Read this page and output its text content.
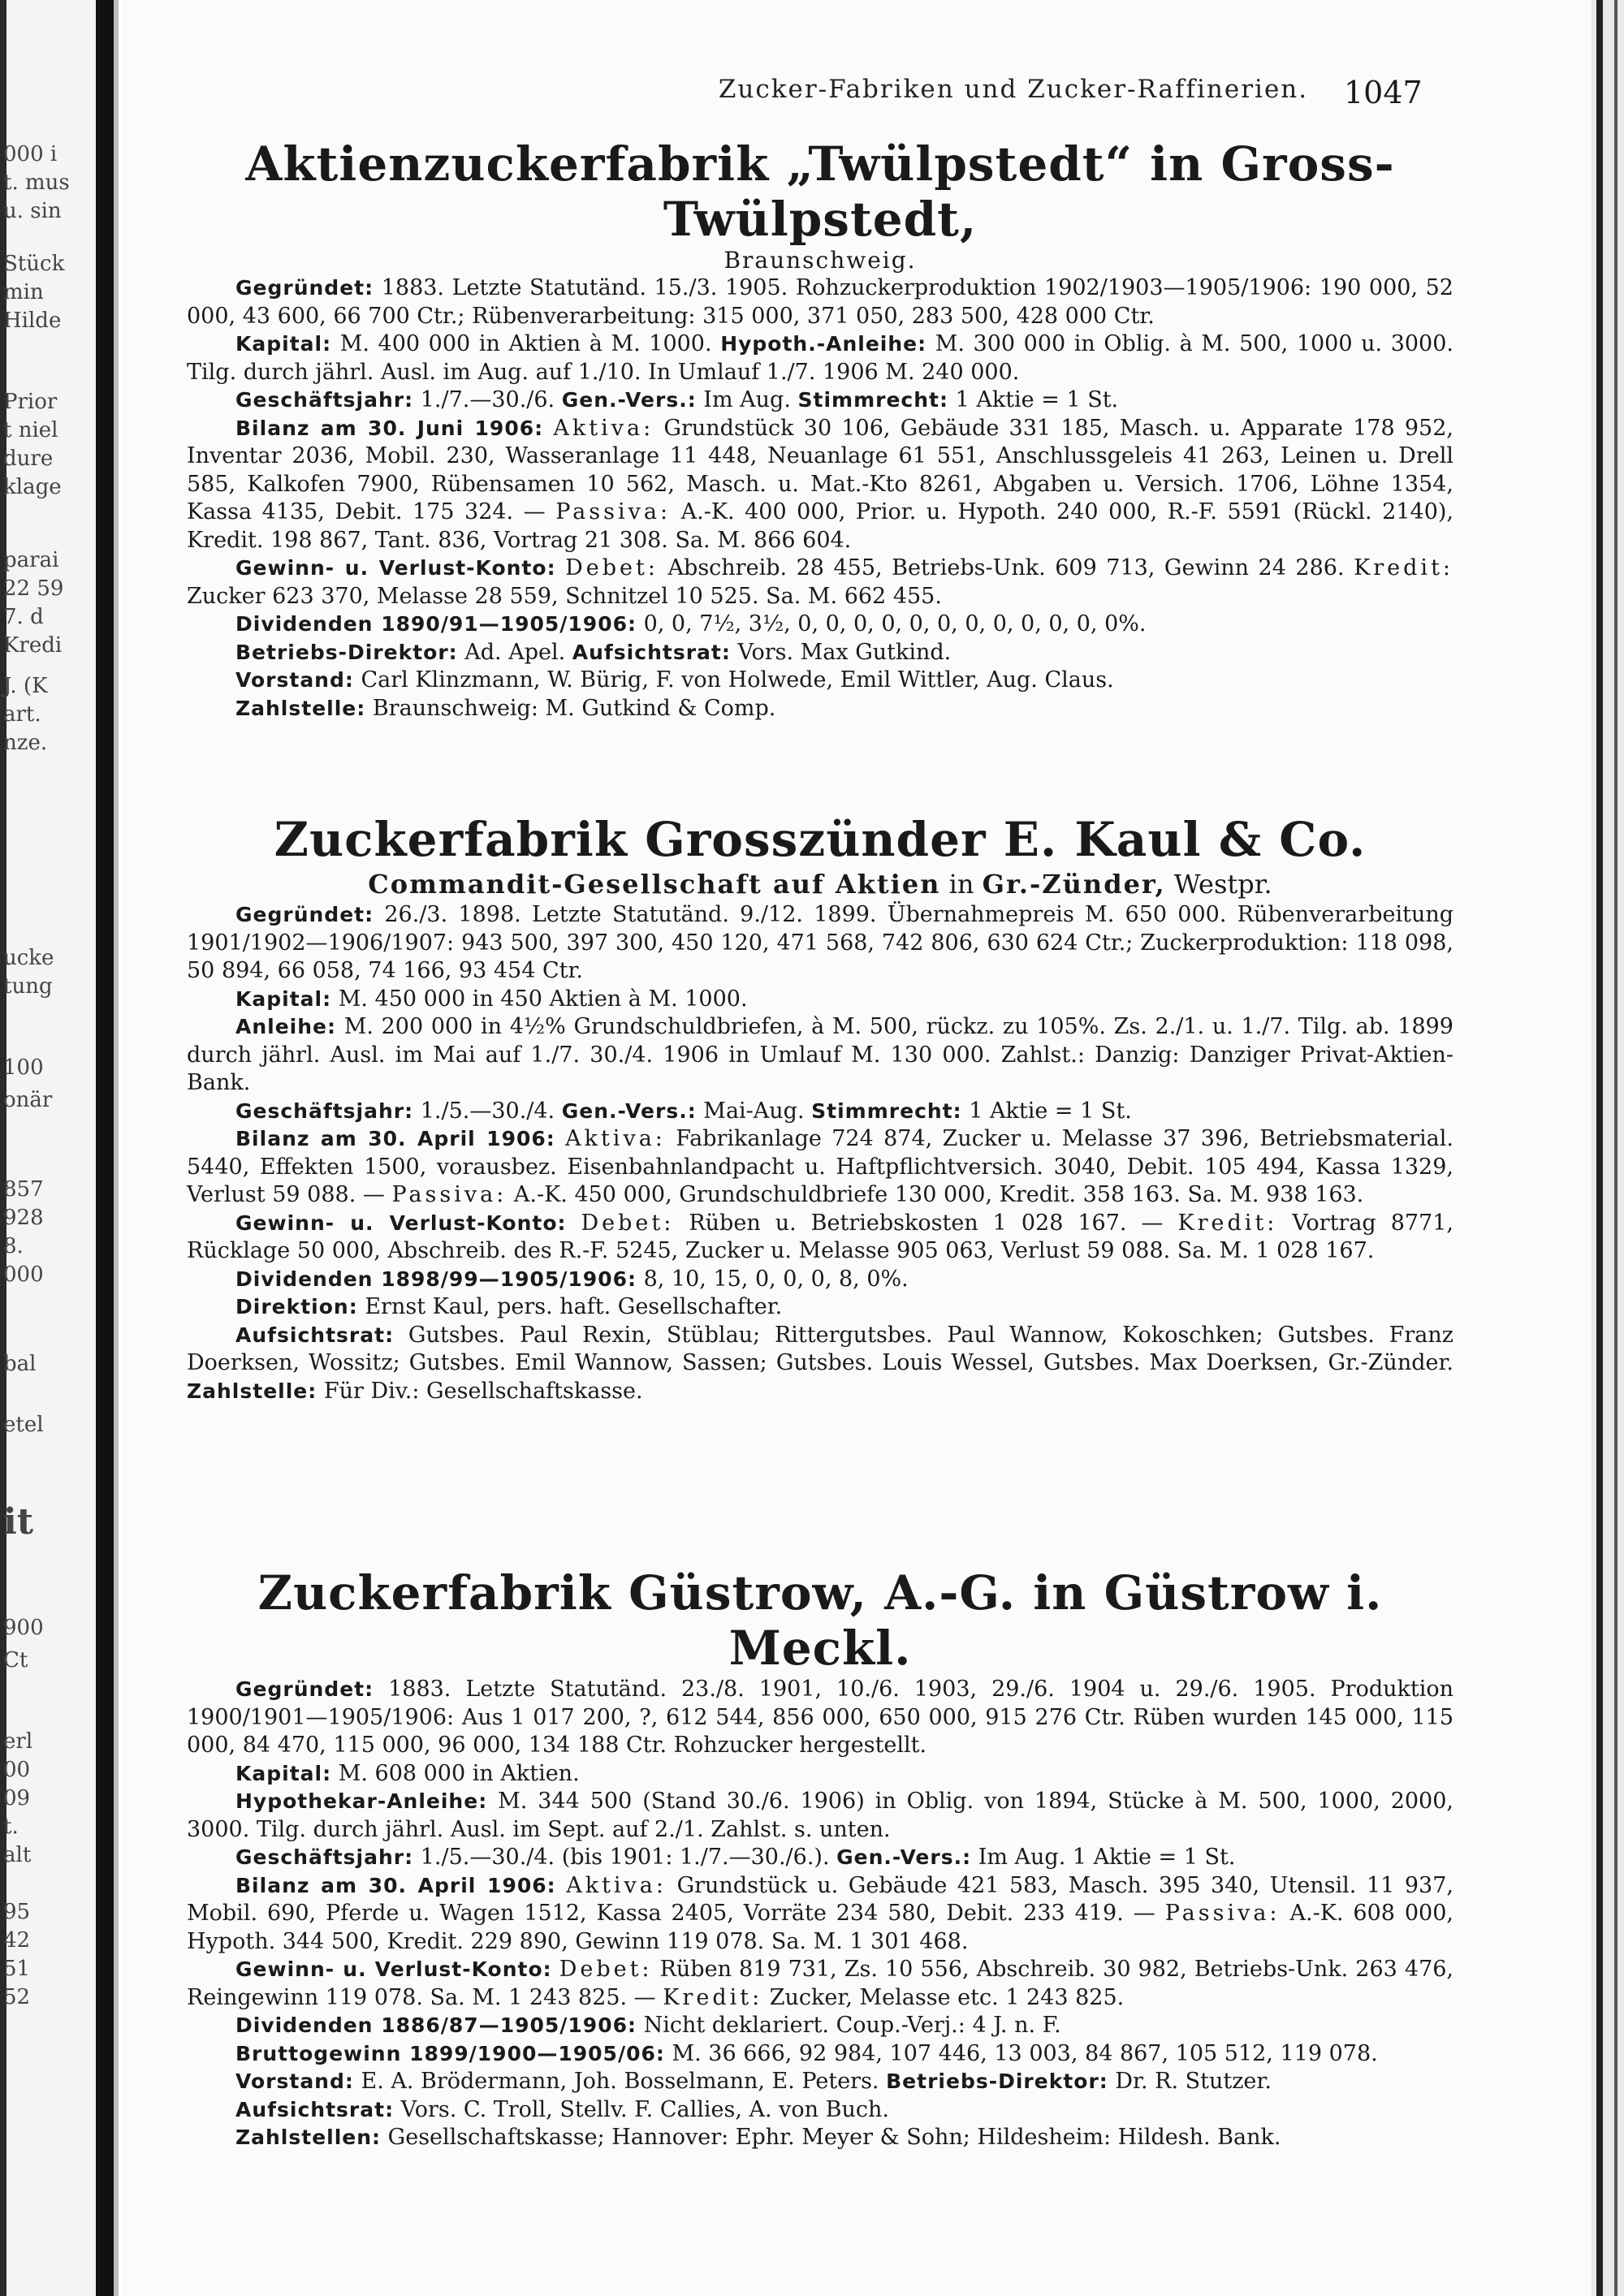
000 i
t. mus
u. sin
Stück
min
Hilde
Prior
t niel
dure
klage
parai
22 59
7. d
Kredi
J. (K
art.
nze.
ucke
tung
100
onär
857
928
8.
000
bal
etel
it
900
Ct
erl
00
09
t.
alt
95
42
51
52
Zucker-Fabriken und Zucker-Raffinerien.	1047
Aktienzuckerfabrik „Twülpstedt“ in Gross-Twülpstedt,

Braunschweig.

Gegründet: 1883. Letzte Statutänd. 15./3. 1905. Rohzuckerproduktion 1902/1903—1905/1906: 190 000, 52 000, 43 600, 66 700 Ctr.; Rübenverarbeitung: 315 000, 371 050, 283 500, 428 000 Ctr.

Kapital: M. 400 000 in Aktien à M. 1000. Hypoth.-Anleihe: M. 300 000 in Oblig. à M. 500, 1000 u. 3000. Tilg. durch jährl. Ausl. im Aug. auf 1./10. In Umlauf 1./7. 1906 M. 240 000.

Geschäftsjahr: 1./7.—30./6. Gen.-Vers.: Im Aug. Stimmrecht: 1 Aktie = 1 St.

Bilanz am 30. Juni 1906: Aktiva: Grundstück 30 106, Gebäude 331 185, Masch. u. Apparate 178 952, Inventar 2036, Mobil. 230, Wasseranlage 11 448, Neuanlage 61 551, Anschlussgeleis 41 263, Leinen u. Drell 585, Kalkofen 7900, Rübensamen 10 562, Masch. u. Mat.-Kto 8261, Abgaben u. Versich. 1706, Löhne 1354, Kassa 4135, Debit. 175 324. — Passiva: A.-K. 400 000, Prior. u. Hypoth. 240 000, R.-F. 5591 (Rückl. 2140), Kredit. 198 867, Tant. 836, Vortrag 21 308. Sa. M. 866 604.

Gewinn- u. Verlust-Konto: Debet: Abschreib. 28 455, Betriebs-Unk. 609 713, Gewinn 24 286. Kredit: Zucker 623 370, Melasse 28 559, Schnitzel 10 525. Sa. M. 662 455.

Dividenden 1890/91—1905/1906: 0, 0, 7½, 3½, 0, 0, 0, 0, 0, 0, 0, 0, 0, 0, 0, 0%.

Betriebs-Direktor: Ad. Apel. Aufsichtsrat: Vors. Max Gutkind.

Vorstand: Carl Klinzmann, W. Bürig, F. von Holwede, Emil Wittler, Aug. Claus.

Zahlstelle: Braunschweig: M. Gutkind & Comp.

Zuckerfabrik Grosszünder E. Kaul & Co.

Commandit-Gesellschaft auf Aktien in Gr.-Zünder, Westpr.

Gegründet: 26./3. 1898. Letzte Statutänd. 9./12. 1899. Übernahmepreis M. 650 000. Rübenverarbeitung 1901/1902—1906/1907: 943 500, 397 300, 450 120, 471 568, 742 806, 630 624 Ctr.; Zuckerproduktion: 118 098, 50 894, 66 058, 74 166, 93 454 Ctr.

Kapital: M. 450 000 in 450 Aktien à M. 1000.

Anleihe: M. 200 000 in 4½% Grundschuldbriefen, à M. 500, rückz. zu 105%. Zs. 2./1. u. 1./7. Tilg. ab. 1899 durch jährl. Ausl. im Mai auf 1./7. 30./4. 1906 in Umlauf M. 130 000. Zahlst.: Danzig: Danziger Privat-Aktien-Bank.

Geschäftsjahr: 1./5.—30./4. Gen.-Vers.: Mai-Aug. Stimmrecht: 1 Aktie = 1 St.

Bilanz am 30. April 1906: Aktiva: Fabrikanlage 724 874, Zucker u. Melasse 37 396, Betriebsmaterial. 5440, Effekten 1500, vorausbez. Eisenbahnlandpacht u. Haftpflichtversich. 3040, Debit. 105 494, Kassa 1329, Verlust 59 088. — Passiva: A.-K. 450 000, Grundschuldbriefe 130 000, Kredit. 358 163. Sa. M. 938 163.

Gewinn- u. Verlust-Konto: Debet: Rüben u. Betriebskosten 1 028 167. — Kredit: Vortrag 8771, Rücklage 50 000, Abschreib. des R.-F. 5245, Zucker u. Melasse 905 063, Verlust 59 088. Sa. M. 1 028 167.

Dividenden 1898/99—1905/1906: 8, 10, 15, 0, 0, 0, 8, 0%.

Direktion: Ernst Kaul, pers. haft. Gesellschafter.

Aufsichtsrat: Gutsbes. Paul Rexin, Stüblau; Rittergutsbes. Paul Wannow, Kokoschken; Gutsbes. Franz Doerksen, Wossitz; Gutsbes. Emil Wannow, Sassen; Gutsbes. Louis Wessel, Gutsbes. Max Doerksen, Gr.-Zünder. Zahlstelle: Für Div.: Gesellschaftskasse.

Zuckerfabrik Güstrow, A.-G. in Güstrow i. Meckl.

Gegründet: 1883. Letzte Statutänd. 23./8. 1901, 10./6. 1903, 29./6. 1904 u. 29./6. 1905. Produktion 1900/1901—1905/1906: Aus 1 017 200, ?, 612 544, 856 000, 650 000, 915 276 Ctr. Rüben wurden 145 000, 115 000, 84 470, 115 000, 96 000, 134 188 Ctr. Rohzucker hergestellt.

Kapital: M. 608 000 in Aktien.

Hypothekar-Anleihe: M. 344 500 (Stand 30./6. 1906) in Oblig. von 1894, Stücke à M. 500, 1000, 2000, 3000. Tilg. durch jährl. Ausl. im Sept. auf 2./1. Zahlst. s. unten.

Geschäftsjahr: 1./5.—30./4. (bis 1901: 1./7.—30./6.). Gen.-Vers.: Im Aug. 1 Aktie = 1 St.

Bilanz am 30. April 1906: Aktiva: Grundstück u. Gebäude 421 583, Masch. 395 340, Utensil. 11 937, Mobil. 690, Pferde u. Wagen 1512, Kassa 2405, Vorräte 234 580, Debit. 233 419. — Passiva: A.-K. 608 000, Hypoth. 344 500, Kredit. 229 890, Gewinn 119 078. Sa. M. 1 301 468.

Gewinn- u. Verlust-Konto: Debet: Rüben 819 731, Zs. 10 556, Abschreib. 30 982, Betriebs-Unk. 263 476, Reingewinn 119 078. Sa. M. 1 243 825. — Kredit: Zucker, Melasse etc. 1 243 825.

Dividenden 1886/87—1905/1906: Nicht deklariert. Coup.-Verj.: 4 J. n. F.

Bruttogewinn 1899/1900—1905/06: M. 36 666, 92 984, 107 446, 13 003, 84 867, 105 512, 119 078.

Vorstand: E. A. Brödermann, Joh. Bosselmann, E. Peters. Betriebs-Direktor: Dr. R. Stutzer.

Aufsichtsrat: Vors. C. Troll, Stellv. F. Callies, A. von Buch.

Zahlstellen: Gesellschaftskasse; Hannover: Ephr. Meyer & Sohn; Hildesheim: Hildesh. Bank.
